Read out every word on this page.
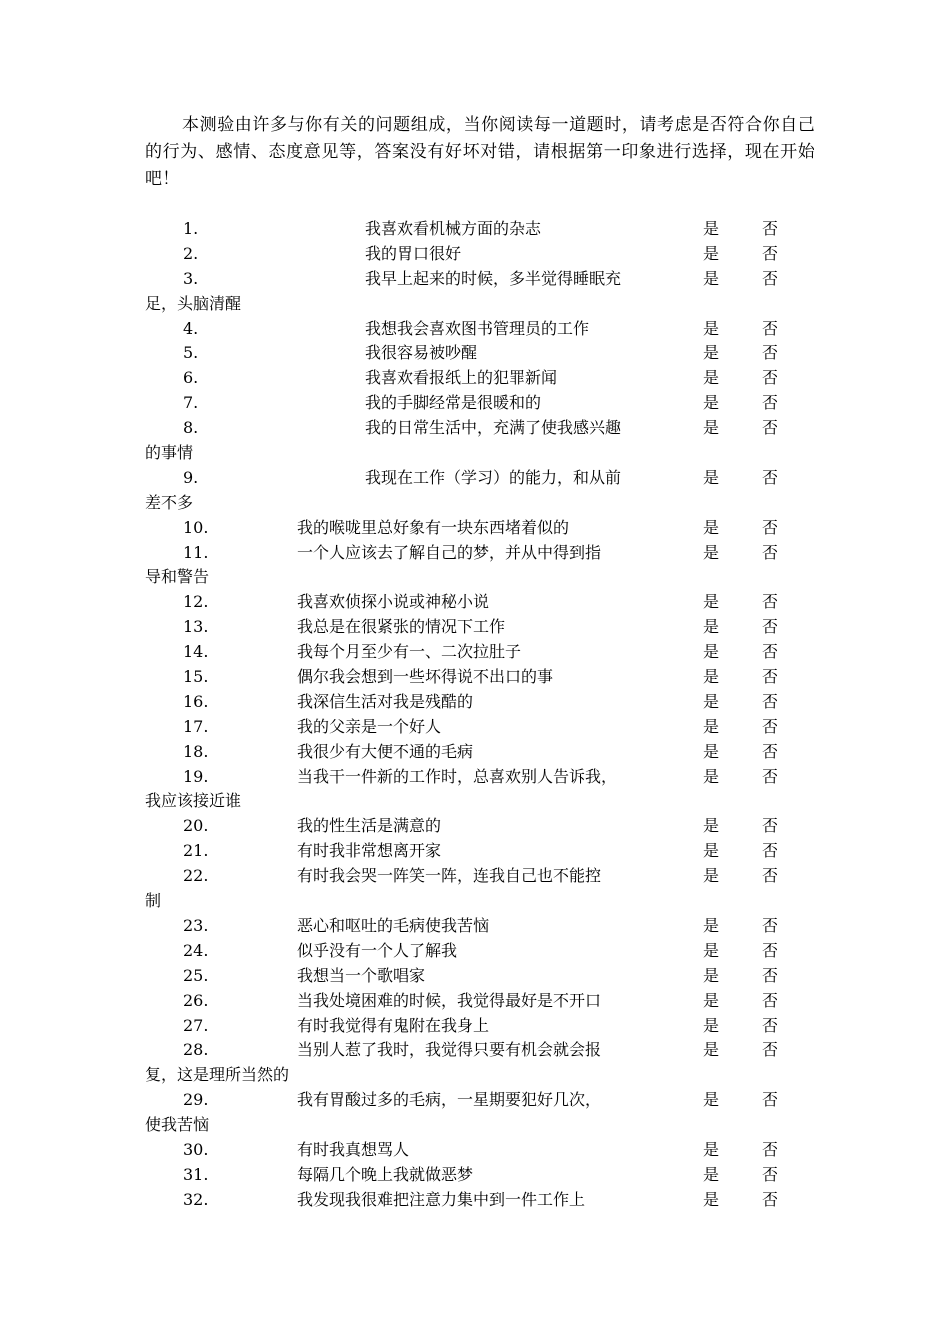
本测验由许多与你有关的问题组成，当你阅读每一道题时，请考虑是否符合你自己的行为、感情、态度意见等，答案没有好坏对错，请根据第一印象进行选择，现在开始吧！

1.	我喜欢看机械方面的杂志	是	否
2.	我的胃口很好	是	否
3.	我早上起来的时候，多半觉得睡眠充	是	否
足，头脑清醒
4.	我想我会喜欢图书管理员的工作	是	否
5.	我很容易被吵醒	是	否
6.	我喜欢看报纸上的犯罪新闻	是	否
7.	我的手脚经常是很暖和的	是	否
8.	我的日常生活中，充满了使我感兴趣	是	否
的事情
9.	我现在工作（学习）的能力，和从前	是	否
差不多
10.	我的喉咙里总好象有一块东西堵着似的	是	否
11.	一个人应该去了解自己的梦，并从中得到指	是	否
导和警告
12.	我喜欢侦探小说或神秘小说	是	否
13.	我总是在很紧张的情况下工作	是	否
14.	我每个月至少有一、二次拉肚子	是	否
15.	偶尔我会想到一些坏得说不出口的事	是	否
16.	我深信生活对我是残酷的	是	否
17.	我的父亲是一个好人	是	否
18.	我很少有大便不通的毛病	是	否
19.	当我干一件新的工作时，总喜欢别人告诉我，	是	否
我应该接近谁
20.	我的性生活是满意的	是	否
21.	有时我非常想离开家	是	否
22.	有时我会哭一阵笑一阵，连我自己也不能控	是	否
制
23.	恶心和呕吐的毛病使我苦恼	是	否
24.	似乎没有一个人了解我	是	否
25.	我想当一个歌唱家	是	否
26.	当我处境困难的时候，我觉得最好是不开口	是	否
27.	有时我觉得有鬼附在我身上	是	否
28.	当别人惹了我时，我觉得只要有机会就会报	是	否
复，这是理所当然的
29.	我有胃酸过多的毛病，一星期要犯好几次，	是	否
使我苦恼
30.	有时我真想骂人	是	否
31.	每隔几个晚上我就做恶梦	是	否
32.	我发现我很难把注意力集中到一件工作上	是	否
